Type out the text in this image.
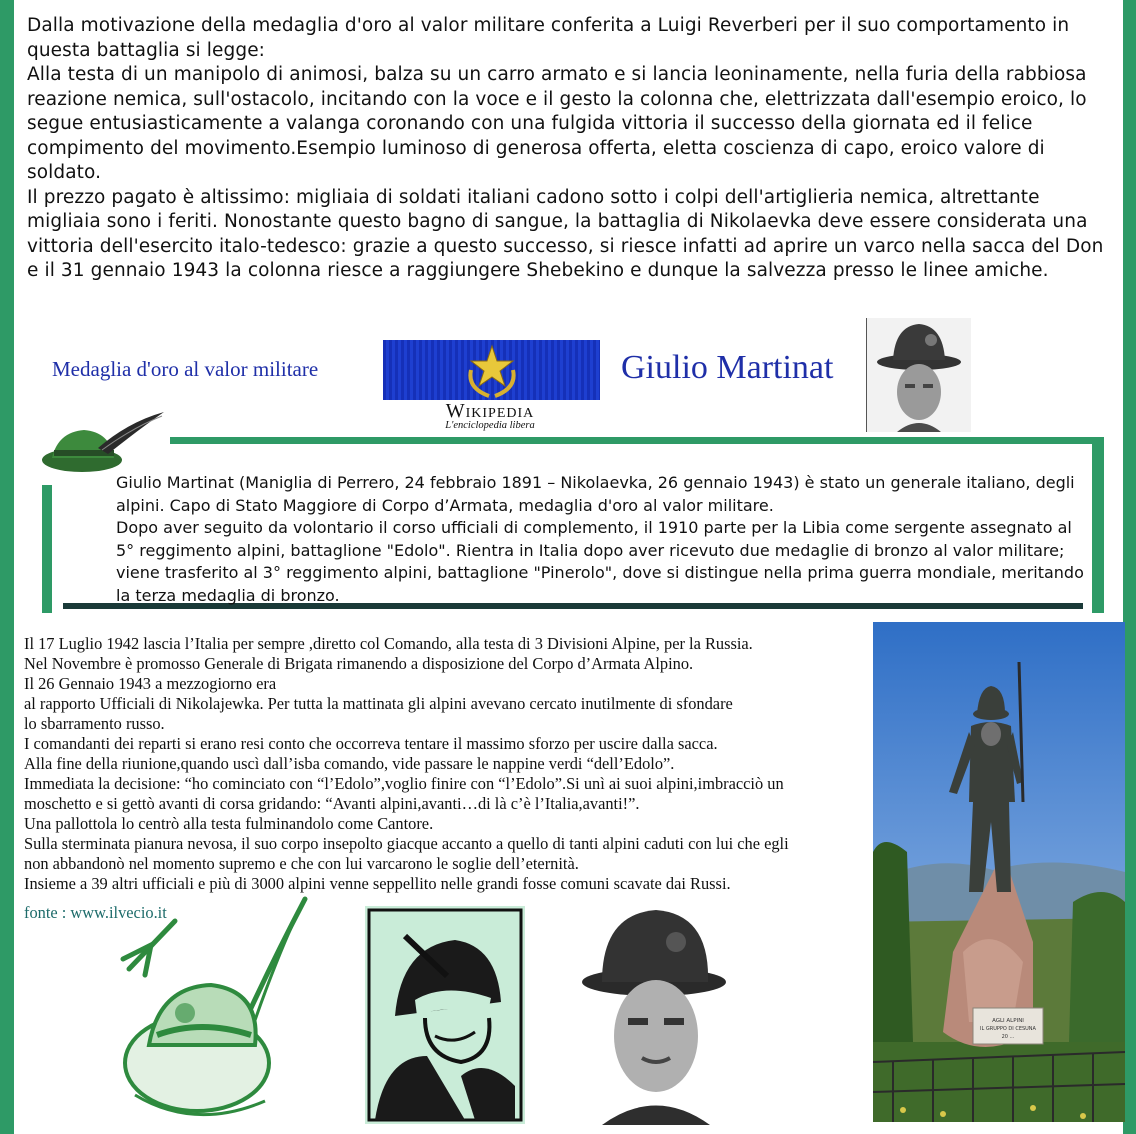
Dalla motivazione della medaglia d'oro al valor militare conferita a Luigi Reverberi per il suo comportamento in questa battaglia si legge:

Alla testa di un manipolo di animosi, balza su un carro armato e si lancia leoninamente, nella furia della rabbiosa reazione nemica, sull'ostacolo, incitando con la voce e il gesto la colonna che, elettrizzata dall'esempio eroico, lo segue entusiasticamente a valanga coronando con una fulgida vittoria il successo della giornata ed il felice compimento del movimento.Esempio luminoso di generosa offerta, eletta coscienza di capo, eroico valore di soldato.

Il prezzo pagato è altissimo: migliaia di soldati italiani cadono sotto i colpi dell'artiglieria nemica, altrettante migliaia sono i feriti. Nonostante questo bagno di sangue, la battaglia di Nikolaevka deve essere considerata una vittoria dell'esercito italo-tedesco: grazie a questo successo, si riesce infatti ad aprire un varco nella sacca del Don e il 31 gennaio 1943 la colonna riesce a raggiungere Shebekino e dunque la salvezza presso le linee amiche.

Medaglia d'oro al valor militare
Wikipedia
L'enciclopedia libera
Giulio Martinat

Giulio Martinat (Maniglia di Perrero, 24 febbraio 1891 – Nikolaevka, 26 gennaio 1943) è stato un generale italiano, degli alpini. Capo di Stato Maggiore di Corpo d’Armata, medaglia d'oro al valor militare.

Dopo aver seguito da volontario il corso ufficiali di complemento, il 1910 parte per la Libia come sergente assegnato al 5° reggimento alpini, battaglione "Edolo". Rientra in Italia dopo aver ricevuto due medaglie di bronzo al valor militare; viene trasferito al 3° reggimento alpini, battaglione "Pinerolo", dove si distingue nella prima guerra mondiale, meritando la terza medaglia di bronzo.

Il 17 Luglio 1942 lascia l’Italia per sempre ,diretto col Comando, alla testa di 3 Divisioni Alpine, per la Russia.

Nel Novembre è promosso Generale di Brigata rimanendo a disposizione del Corpo d’Armata Alpino.

Il 26 Gennaio 1943 a mezzogiorno era

al rapporto Ufficiali di Nikolajewka. Per tutta la mattinata gli alpini avevano cercato inutilmente di sfondare

lo sbarramento russo.

I comandanti dei reparti si erano resi conto che occorreva tentare il massimo sforzo per uscire dalla sacca.

Alla fine della riunione,quando uscì dall’isba comando, vide passare le nappine verdi “dell’Edolo”.

Immediata la decisione: “ho cominciato con “l’Edolo”,voglio finire con “l’Edolo”.Si unì ai suoi alpini,imbracciò un

moschetto e si gettò avanti di corsa gridando: “Avanti alpini,avanti…di là c’è l’Italia,avanti!”.

Una pallottola lo centrò alla testa fulminandolo come Cantore.

Sulla sterminata pianura nevosa, il suo corpo insepolto giacque accanto a quello di tanti alpini caduti con lui che egli

non abbandonò nel momento supremo e che con lui varcarono le soglie dell’eternità.

Insieme a 39 altri ufficiali e più di 3000 alpini venne seppellito nelle grandi fosse comuni scavate dai Russi.

fonte : www.ilvecio.it
AGLI ALPINI
IL GRUPPO DI CESUNA
20 ...
